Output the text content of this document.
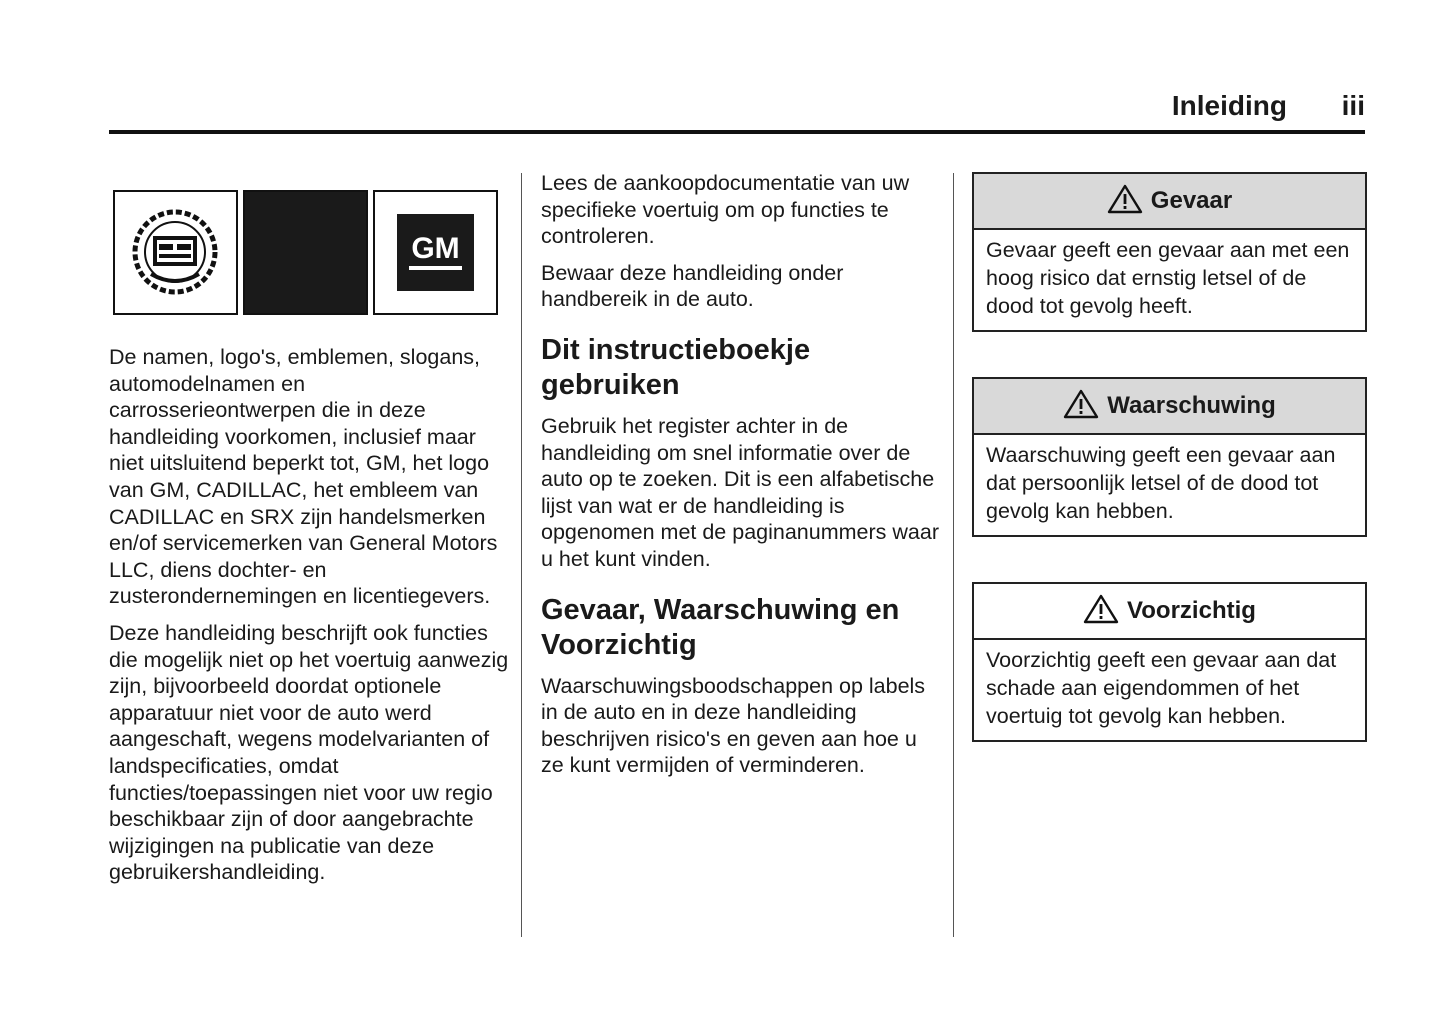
Inleiding iii
GM

De namen, logo's, emblemen, slogans, automodelnamen en carrosserieontwerpen die in deze handleiding voorkomen, inclusief maar niet uitsluitend beperkt tot, GM, het logo van GM, CADILLAC, het embleem van CADILLAC en SRX zijn handelsmerken en/of servicemerken van General Motors LLC, diens dochter- en zusterondernemingen en licentiegevers.

Deze handleiding beschrijft ook functies die mogelijk niet op het voertuig aanwezig zijn, bijvoorbeeld doordat optionele apparatuur niet voor de auto werd aangeschaft, wegens modelvarianten of landspecificaties, omdat functies/toepassingen niet voor uw regio beschikbaar zijn of door aangebrachte wijzigingen na publicatie van deze gebruikershandleiding.

Lees de aankoopdocumentatie van uw specifieke voertuig om op functies te controleren.

Bewaar deze handleiding onder handbereik in de auto.

Dit instructieboekje gebruiken

Gebruik het register achter in de handleiding om snel informatie over de auto op te zoeken. Dit is een alfabetische lijst van wat er de handleiding is opgenomen met de paginanummers waar u het kunt vinden.

Gevaar, Waarschuwing en Voorzichtig

Waarschuwingsboodschappen op labels in de auto en in deze handleiding beschrijven risico's en geven aan hoe u ze kunt vermijden of verminderen.

Gevaar
Gevaar geeft een gevaar aan met een hoog risico dat ernstig letsel of de dood tot gevolg heeft.
Waarschuwing
Waarschuwing geeft een gevaar aan dat persoonlijk letsel of de dood tot gevolg kan hebben.
Voorzichtig
Voorzichtig geeft een gevaar aan dat schade aan eigendommen of het voertuig tot gevolg kan hebben.
